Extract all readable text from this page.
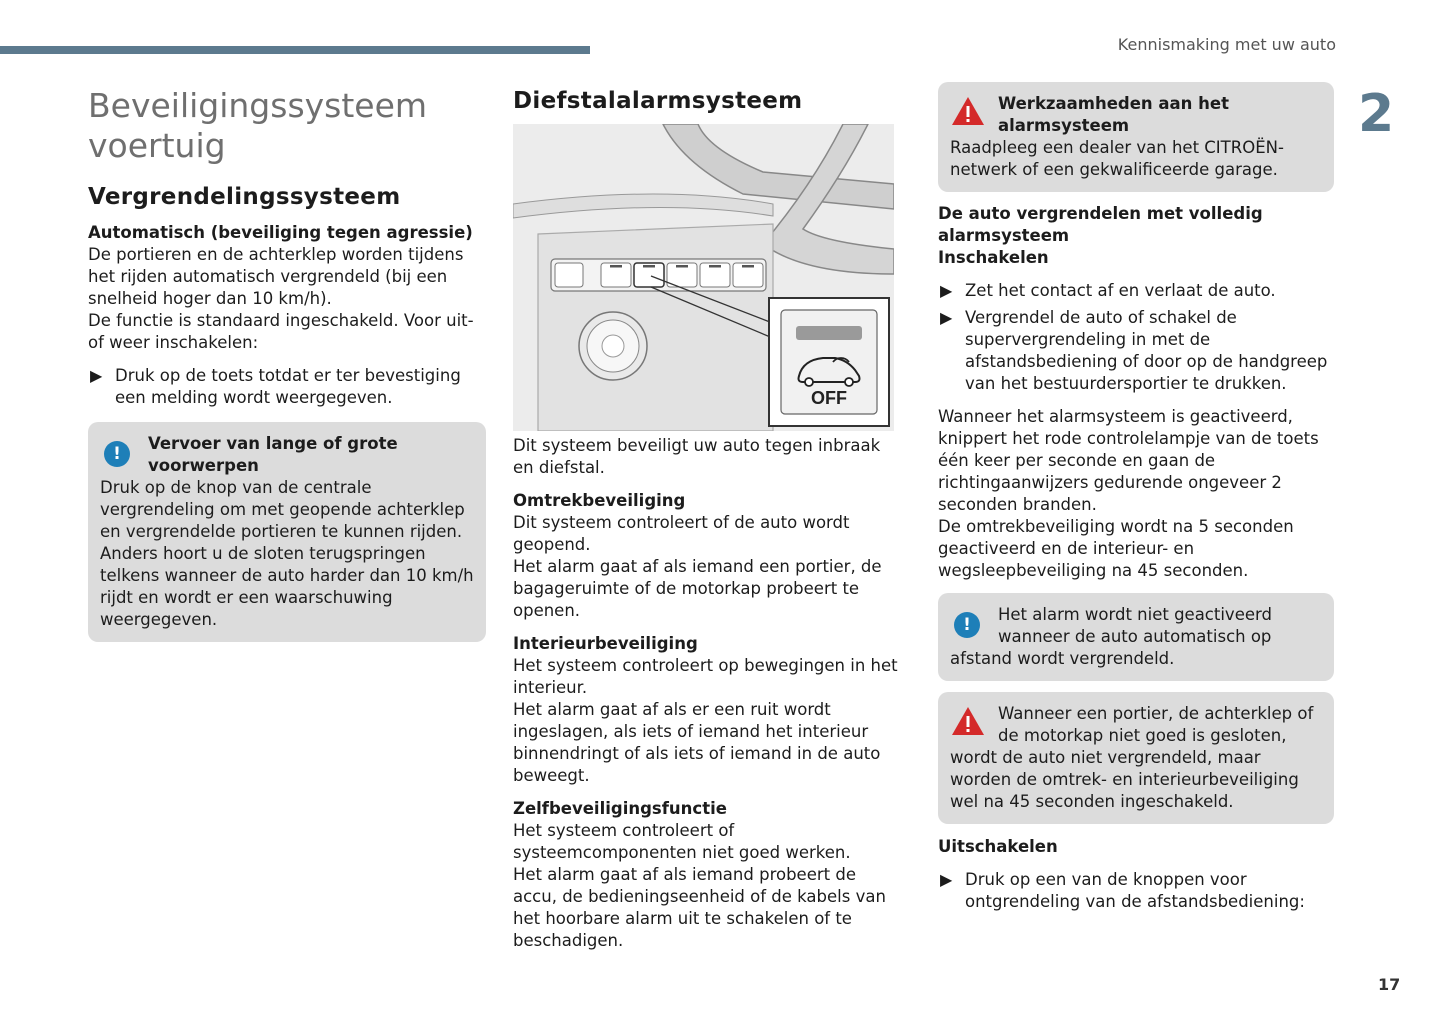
Kennismaking met uw auto
2
17
Beveiligingssysteem
voertuig
Vergrendelingssysteem

Automatisch (beveiliging tegen agressie)

De portieren en de achterklep worden tijdens het rijden automatisch vergrendeld (bij een snelheid hoger dan 10 km/h).

De functie is standaard ingeschakeld. Voor uit- of weer inschakelen:

▶ Druk op de toets totdat er ter bevestiging een melding wordt weergegeven.
!
Vervoer van lange of grote voorwerpen
Druk op de knop van de centrale vergrendeling om met geopende achterklep en vergrendelde portieren te kunnen rijden. Anders hoort u de sloten terugspringen telkens wanneer de auto harder dan 10 km/h rijdt en wordt er een waarschuwing weergegeven.
Diefstalalarmsysteem
OFF

Dit systeem beveiligt uw auto tegen inbraak en diefstal.

Omtrekbeveiliging

Dit systeem controleert of de auto wordt geopend.

Het alarm gaat af als iemand een portier, de bagageruimte of de motorkap probeert te openen.

Interieurbeveiliging

Het systeem controleert op bewegingen in het interieur.

Het alarm gaat af als er een ruit wordt ingeslagen, als iets of iemand het interieur binnendringt of als iets of iemand in de auto beweegt.

Zelfbeveiligingsfunctie

Het systeem controleert of systeemcomponenten niet goed werken.

Het alarm gaat af als iemand probeert de accu, de bedieningseenheid of de kabels van het hoorbare alarm uit te schakelen of te beschadigen.

Werkzaamheden aan het alarmsysteem
Raadpleeg een dealer van het CITROËN-netwerk of een gekwalificeerde garage.

De auto vergrendelen met volledig alarmsysteem

Inschakelen

▶ Zet het contact af en verlaat de auto.
▶ Vergrendel de auto of schakel de supervergrendeling in met de afstandsbediening of door op de handgreep van het bestuurdersportier te drukken.

Wanneer het alarmsysteem is geactiveerd, knippert het rode controlelampje van de toets één keer per seconde en gaan de richtingaanwijzers gedurende ongeveer 2 seconden branden.

De omtrekbeveiliging wordt na 5 seconden geactiveerd en de interieur- en wegsleepbeveiliging na 45 seconden.

!
Het alarm wordt niet geactiveerd wanneer de auto automatisch op afstand wordt vergrendeld.
Wanneer een portier, de achterklep of de motorkap niet goed is gesloten, wordt de auto niet vergrendeld, maar worden de omtrek- en interieurbeveiliging wel na 45 seconden ingeschakeld.

Uitschakelen

▶ Druk op een van de knoppen voor ontgrendeling van de afstandsbediening:
